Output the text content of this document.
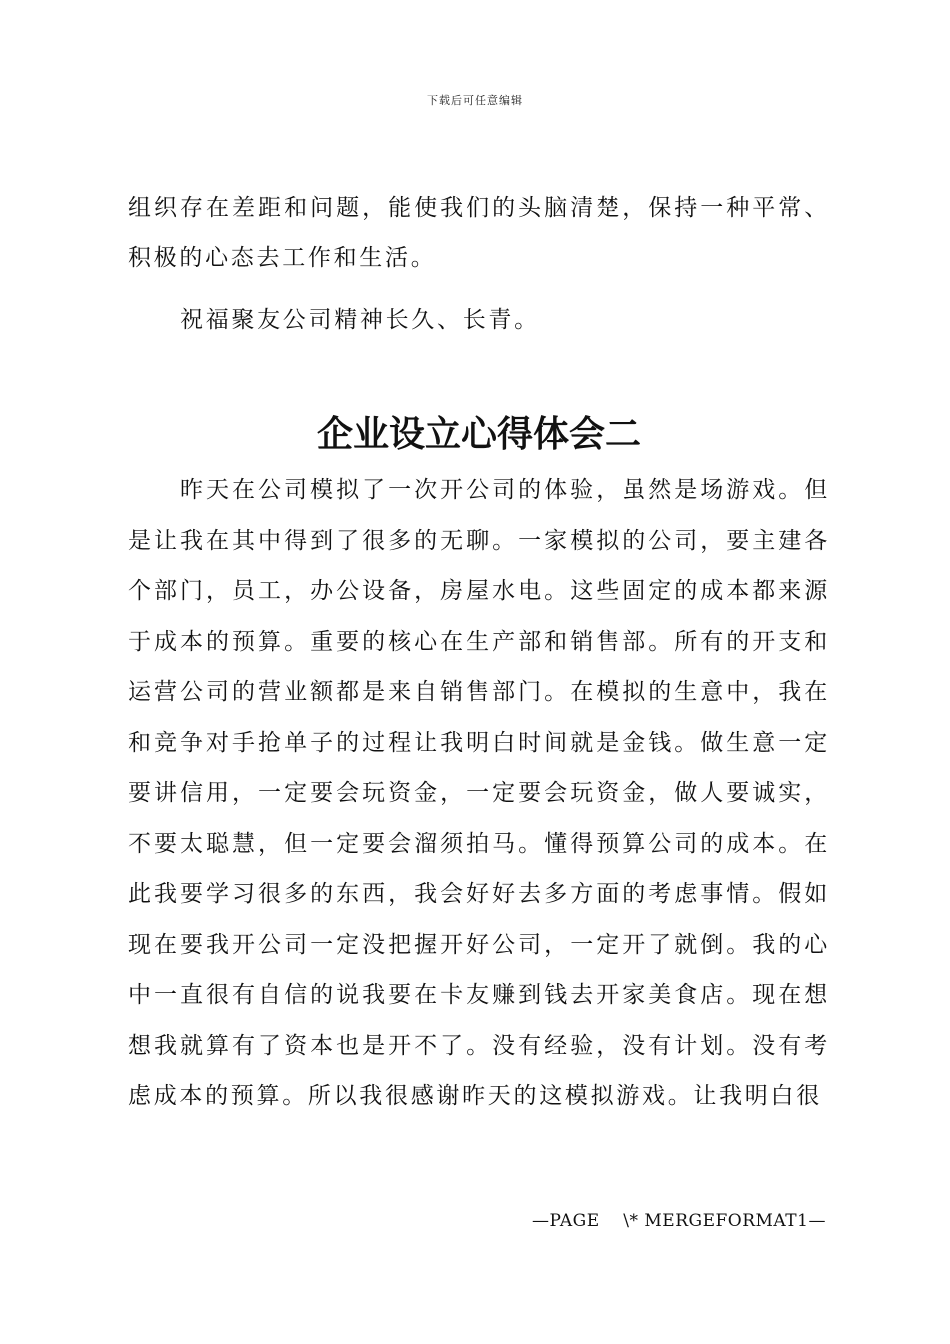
下载后可任意编辑

组织存在差距和问题，能使我们的头脑清楚，保持一种平常、积极的心态去工作和生活。

祝福聚友公司精神长久、长青。

企业设立心得体会二

昨天在公司模拟了一次开公司的体验，虽然是场游戏。但是让我在其中得到了很多的无聊。一家模拟的公司，要主建各个部门，员工，办公设备，房屋水电。这些固定的成本都来源于成本的预算。重要的核心在生产部和销售部。所有的开支和运营公司的营业额都是来自销售部门。在模拟的生意中，我在和竞争对手抢单子的过程让我明白时间就是金钱。做生意一定要讲信用，一定要会玩资金，一定要会玩资金，做人要诚实，不要太聪慧，但一定要会溜须拍马。懂得预算公司的成本。在此我要学习很多的东西，我会好好去多方面的考虑事情。假如现在要我开公司一定没把握开好公司，一定开了就倒。我的心中一直很有自信的说我要在卡友赚到钱去开家美食店。现在想想我就算有了资本也是开不了。没有经验，没有计划。没有考虑成本的预算。所以我很感谢昨天的这模拟游戏。让我明白很

—PAGE    \* MERGEFORMAT1—
